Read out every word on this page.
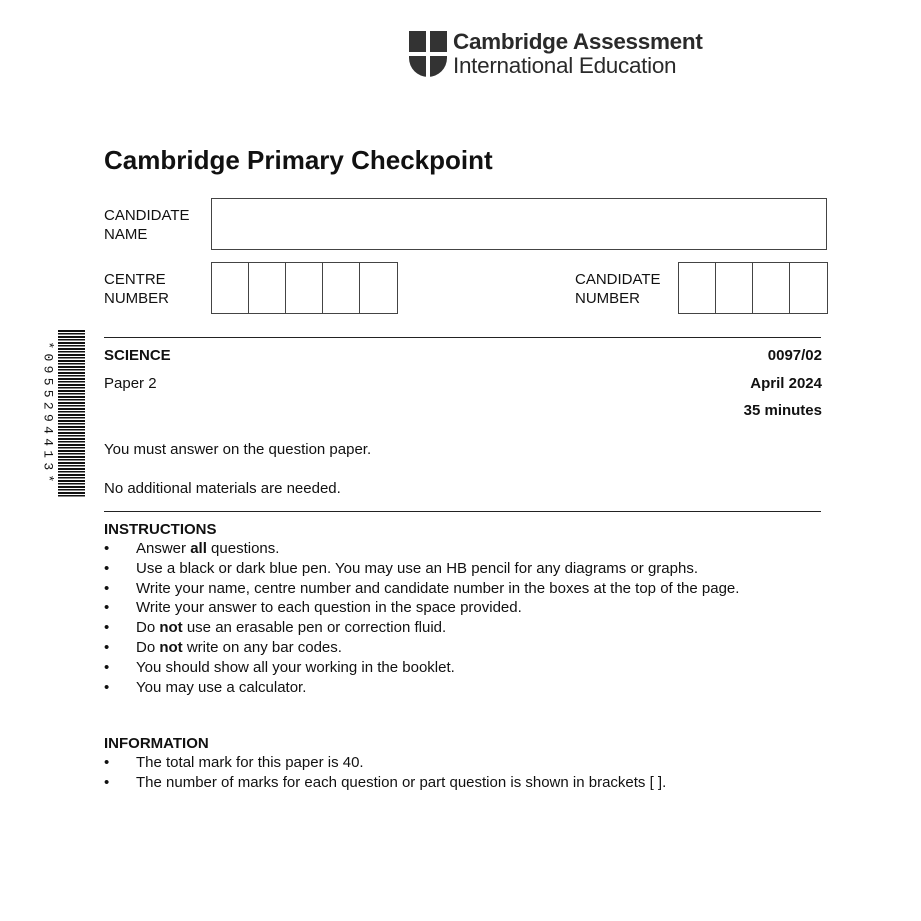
Cambridge Assessment
International Education
Cambridge Primary Checkpoint
CANDIDATE
NAME
CENTRE
NUMBER
CANDIDATE
NUMBER
*0955294413*	SCIENCE	0097/02
Paper 2	April 2024
35 minutes
You must answer on the question paper.
No additional materials are needed.
INSTRUCTIONS
• Answer all questions.
• Use a black or dark blue pen. You may use an HB pencil for any diagrams or graphs.
• Write your name, centre number and candidate number in the boxes at the top of the page.
• Write your answer to each question in the space provided.
• Do not use an erasable pen or correction fluid.
• Do not write on any bar codes.
• You should show all your working in the booklet.
• You may use a calculator.
INFORMATION
• The total mark for this paper is 40.
• The number of marks for each question or part question is shown in brackets [ ].
